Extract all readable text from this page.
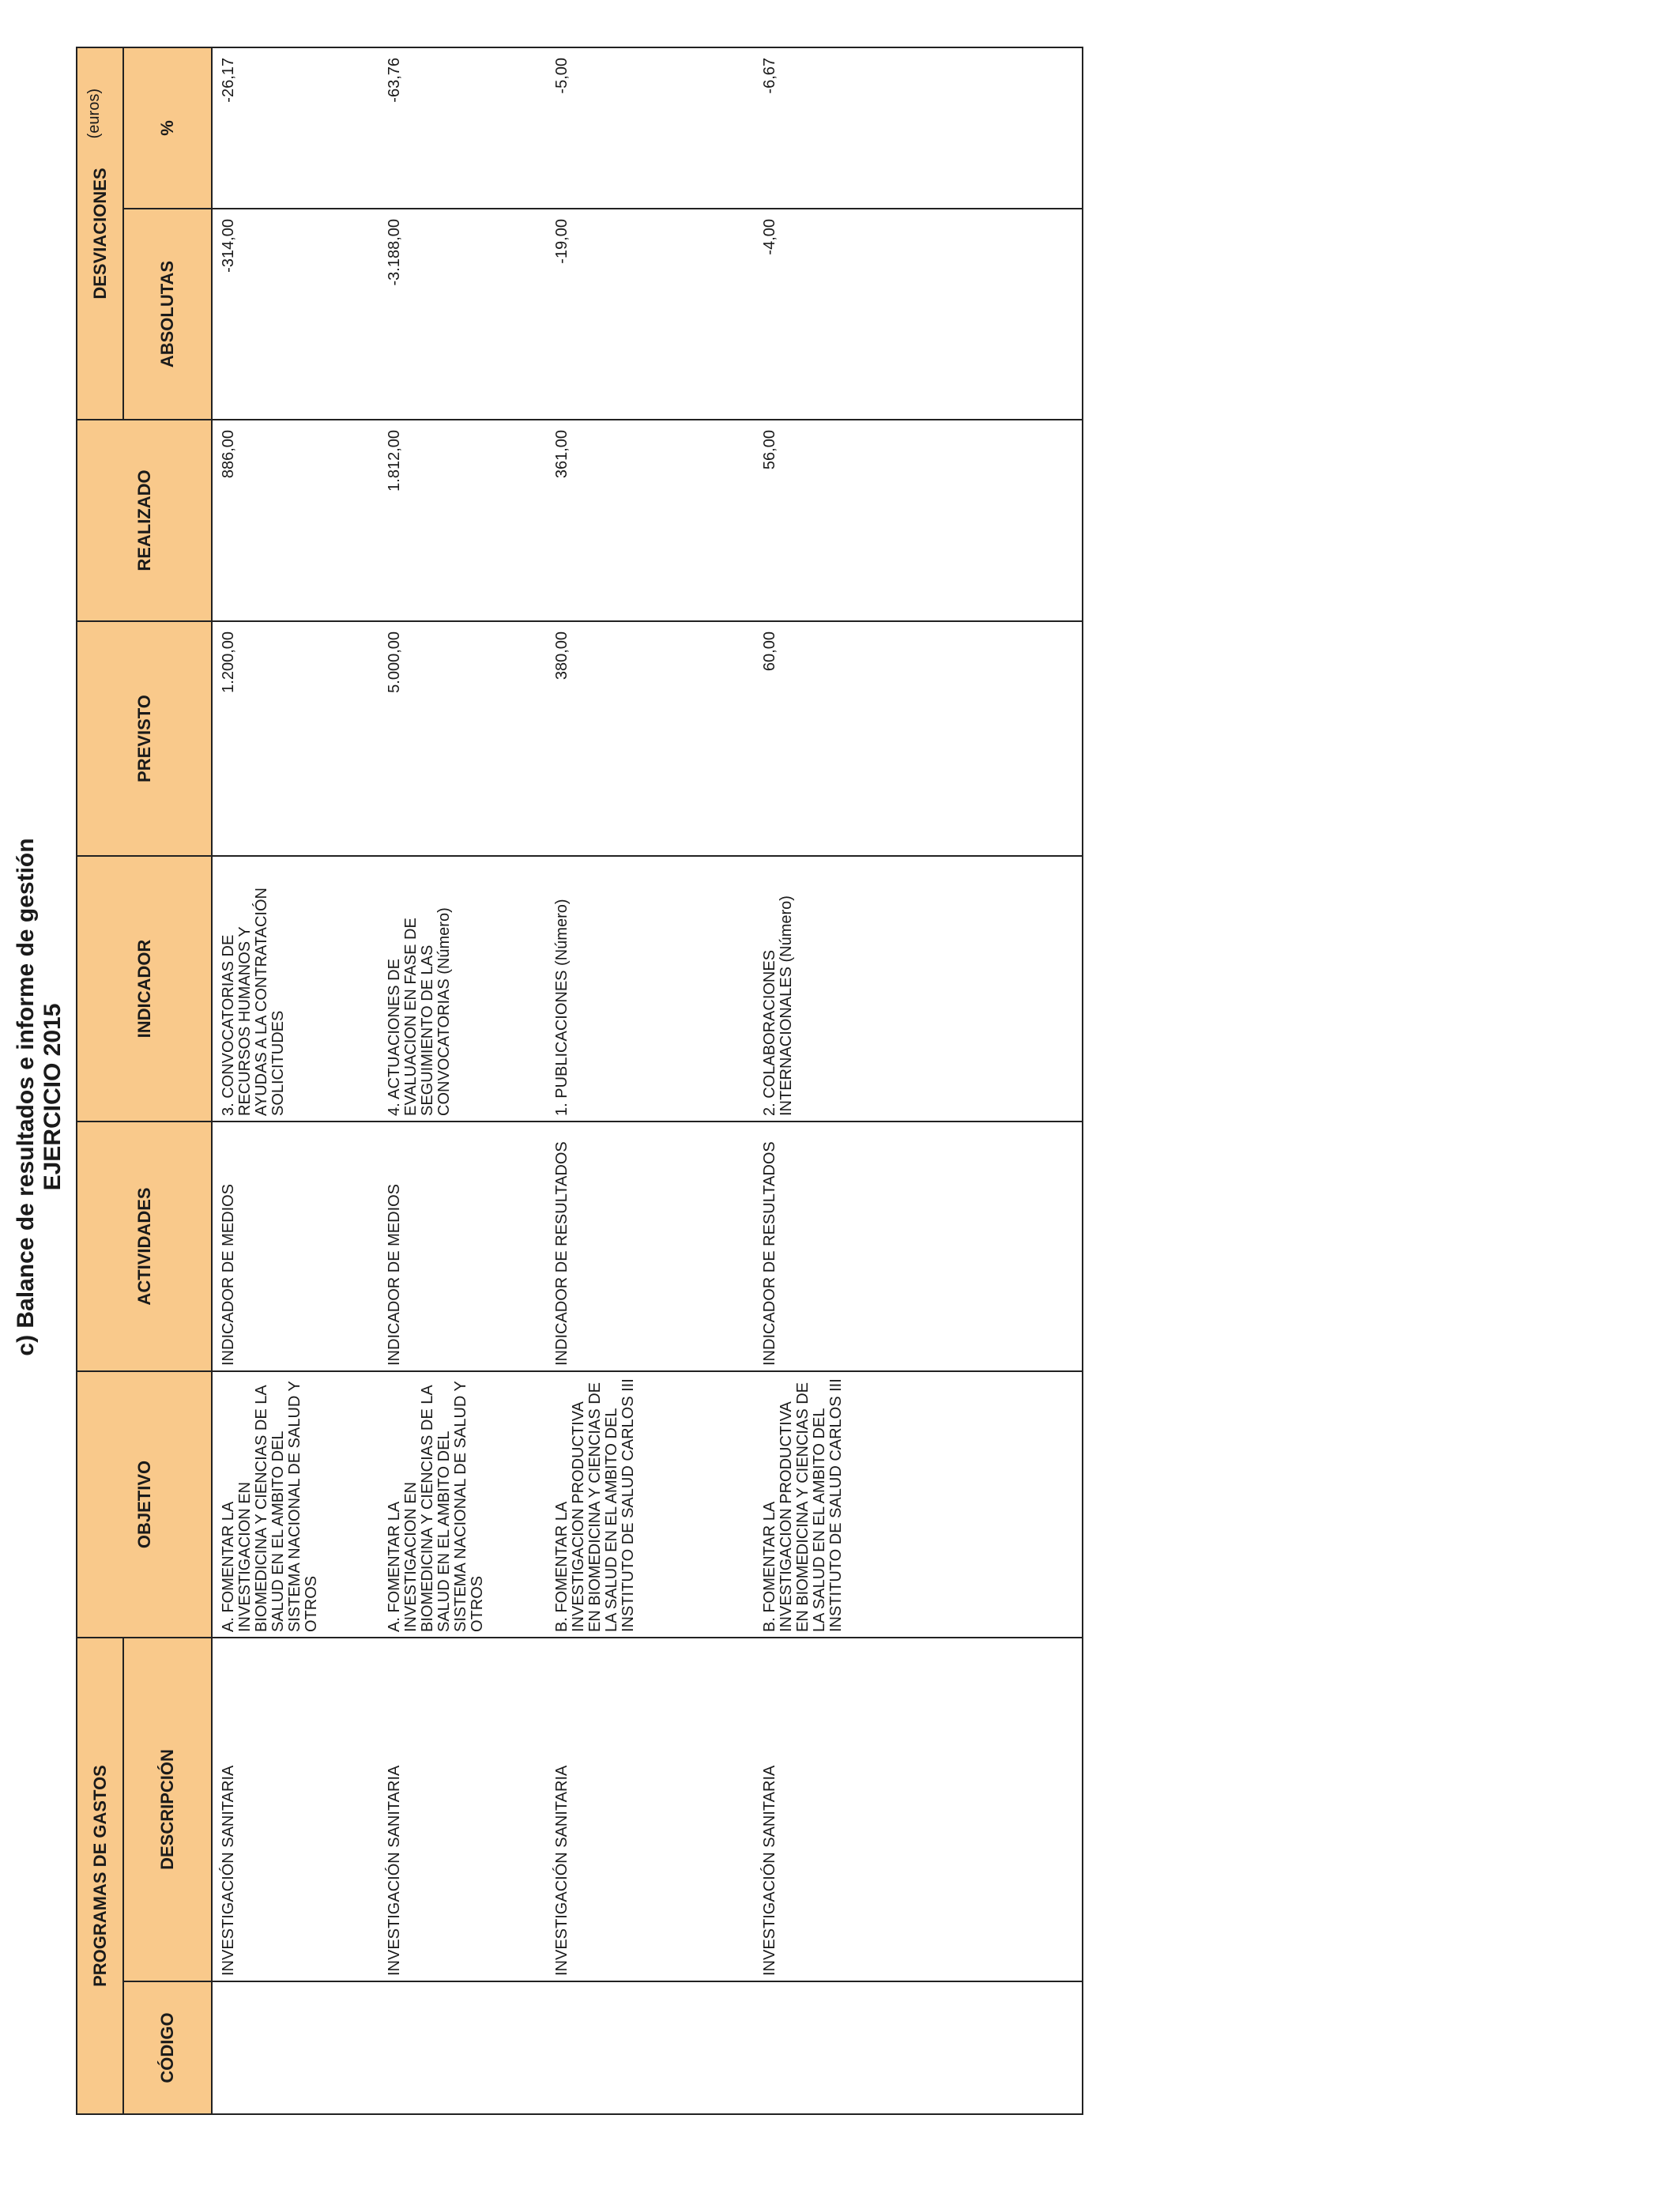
c) Balance de resultados e informe de gestión EJERCICIO 2015
PROGRAMAS DE GASTOS		OBJETIVO	ACTIVIDADES	INDICADOR	PREVISTO	REALIZADO	DESVIACIONES	
CÓDIGO	DESCRIPCIÓN						ABSOLUTAS	%
	INVESTIGACIÓN SANITARIA	A. FOMENTAR LA INVESTIGACION EN BIOMEDICINA Y CIENCIAS DE LA SALUD EN EL AMBITO DEL SISTEMA NACIONAL DE SALUD Y OTROS	INDICADOR DE MEDIOS	3. CONVOCATORIAS DE RECURSOS HUMANOS Y AYUDAS A LA CONTRATACIÓN SOLICITUDES	1.200,00	886,00	-314,00	-26,17
	INVESTIGACIÓN SANITARIA	A. FOMENTAR LA INVESTIGACION EN BIOMEDICINA Y CIENCIAS DE LA SALUD EN EL AMBITO DEL SISTEMA NACIONAL DE SALUD Y OTROS	INDICADOR DE MEDIOS	4. ACTUACIONES DE EVALUACION EN FASE DE SEGUIMIENTO DE LAS CONVOCATORIAS (Número)	5.000,00	1.812,00	-3.188,00	-63,76
	INVESTIGACIÓN SANITARIA	B. FOMENTAR LA INVESTIGACION PRODUCTIVA EN BIOMEDICINA Y CIENCIAS DE LA SALUD EN EL AMBITO DEL INSTITUTO DE SALUD CARLOS III	INDICADOR DE RESULTADOS	1. PUBLICACIONES (Número)	380,00	361,00	-19,00	-5,00
	INVESTIGACIÓN SANITARIA	B. FOMENTAR LA INVESTIGACION PRODUCTIVA EN BIOMEDICINA Y CIENCIAS DE LA SALUD EN EL AMBITO DEL INSTITUTO DE SALUD CARLOS III	INDICADOR DE RESULTADOS	2. COLABORACIONES INTERNACIONALES (Número)	60,00	56,00	-4,00	-6,67
(euros)
